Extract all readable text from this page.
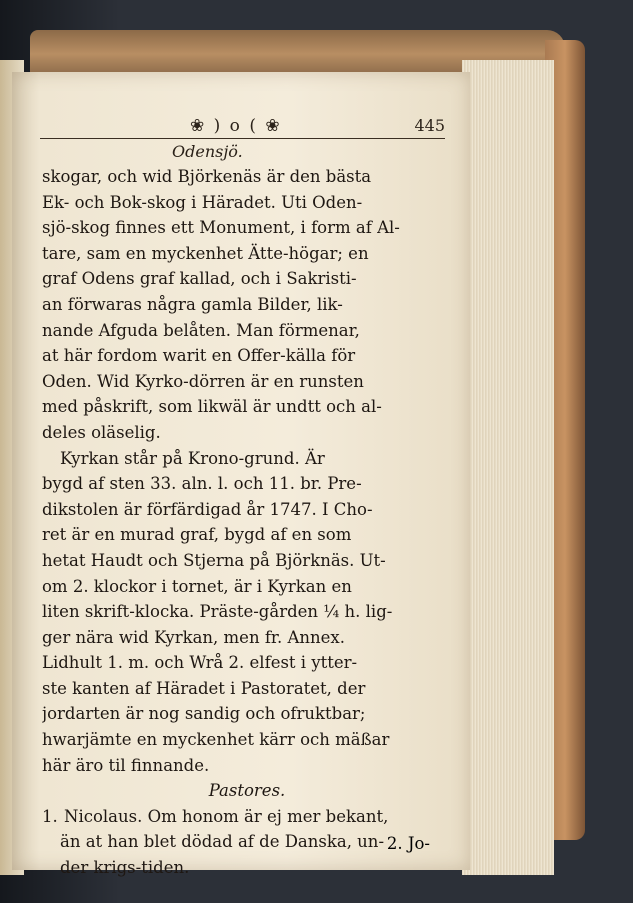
❀ ) o ( ❀	445
Odensjö.
skogar, och wid Björkenäs är den bästa
Ek- och Bok-skog i Häradet. Uti Oden-
sjö-skog finnes ett Monument, i form af Al-
tare, sam en myckenhet Ätte-högar; en
graf Odens graf kallad, och i Sakristi-
an förwaras några gamla Bilder, lik-
nande Afguda belåten. Man förmenar,
at här fordom warit en Offer-källa för
Oden. Wid Kyrko-dörren är en runsten
med påskrift, som likwäl är undtt och al-
deles oläselig.
Kyrkan står på Krono-grund. Är
bygd af sten 33. aln. l. och 11. br. Pre-
dikstolen är förfärdigad år 1747. I Cho-
ret är en murad graf, bygd af en som
hetat Haudt och Stjerna på Björknäs. Ut-
om 2. klockor i tornet, är i Kyrkan en
liten skrift-klocka. Präste-gården ¼ h. lig-
ger nära wid Kyrkan, men fr. Annex.
Lidhult 1. m. och Wrå 2. elfest i ytter-
ste kanten af Häradet i Pastoratet, der
jordarten är nog sandig och ofruktbar;
hwarjämte en myckenhet kärr och mäßar
här äro til finnande.
Pastores.
1. Nicolaus. Om honom är ej mer bekant,
än at han blet dödad af de Danska, un-
der krigs-tiden.
2. Jo-
